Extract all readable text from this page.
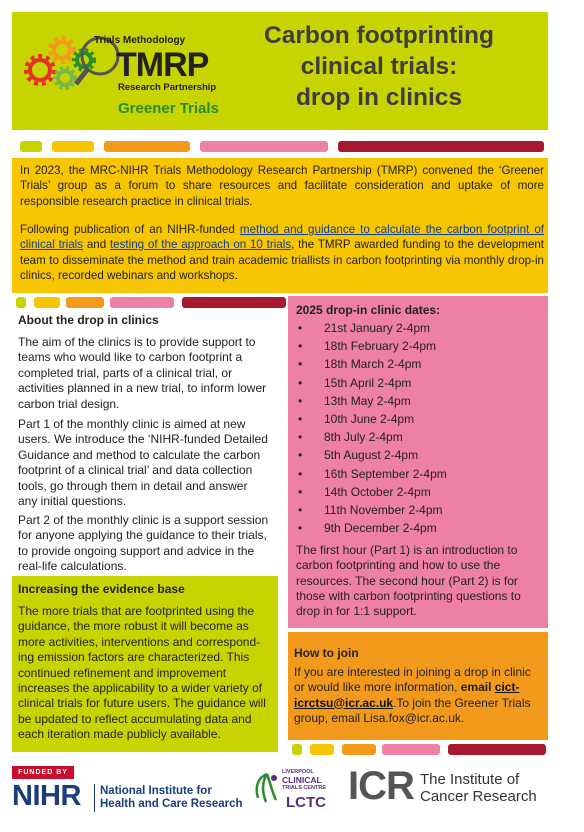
Trials Methodology
TMRP
Research Partnership
Greener Trials
Carbon footprinting
clinical trials:
drop in clinics
In 2023, the MRC-NIHR Trials Methodology Research Partnership (TMRP) convened the ‘Greener Trials’ group as a forum to share resources and facilitate consideration and uptake of more responsible research practice in clinical trials.
Following publication of an NIHR-funded method and guidance to calculate the carbon footprint of clinical trials and testing of the approach on 10 trials, the TMRP awarded funding to the development team to disseminate the method and train academic triallists in carbon footprinting via monthly drop-in clinics, recorded webinars and workshops.
About the drop in clinics
The aim of the clinics is to provide support to teams who would like to carbon footprint a completed trial, parts of a clinical trial, or activities planned in a new trial, to inform lower carbon trial design.
Part 1 of the monthly clinic is aimed at new users. We introduce the ‘NIHR-funded Detailed Guidance and method to calculate the carbon footprint of a clinical trial’ and data collection tools, go through them in detail and answer any initial questions.
Part 2 of the monthly clinic is a support session for anyone applying the guidance to their trials, to provide ongoing support and advice in the real-life calculations.
Increasing the evidence base
The more trials that are footprinted using the guidance, the more robust it will become as more activities, interventions and correspond-ing emission factors are characterized. This continued refinement and improvement increases the applicability to a wider variety of clinical trials for future users. The guidance will be updated to reflect accumulating data and each iteration made publicly available.
2025 drop-in clinic dates:
• 21st January 2-4pm
• 18th February 2-4pm
• 18th March 2-4pm
• 15th April 2-4pm
• 13th May 2-4pm
• 10th June 2-4pm
• 8th July 2-4pm
• 5th August 2-4pm
• 16th September 2-4pm
• 14th October 2-4pm
• 11th November 2-4pm
• 9th December 2-4pm
The first hour (Part 1) is an introduction to carbon footprinting and how to use the resources. The second hour (Part 2) is for those with carbon footprinting questions to drop in for 1:1 support.
How to join
If you are interested in joining a drop in clinic or would like more information, email cict-icrctsu@icr.ac.uk.To join the Greener Trials group, email Lisa.fox@icr.ac.uk.
FUNDED BY
NIHR National Institute for
Health and Care Research
LIVERPOOL
CLINICAL
TRIALS CENTRE
LCTC ICR The Institute of
Cancer Research
